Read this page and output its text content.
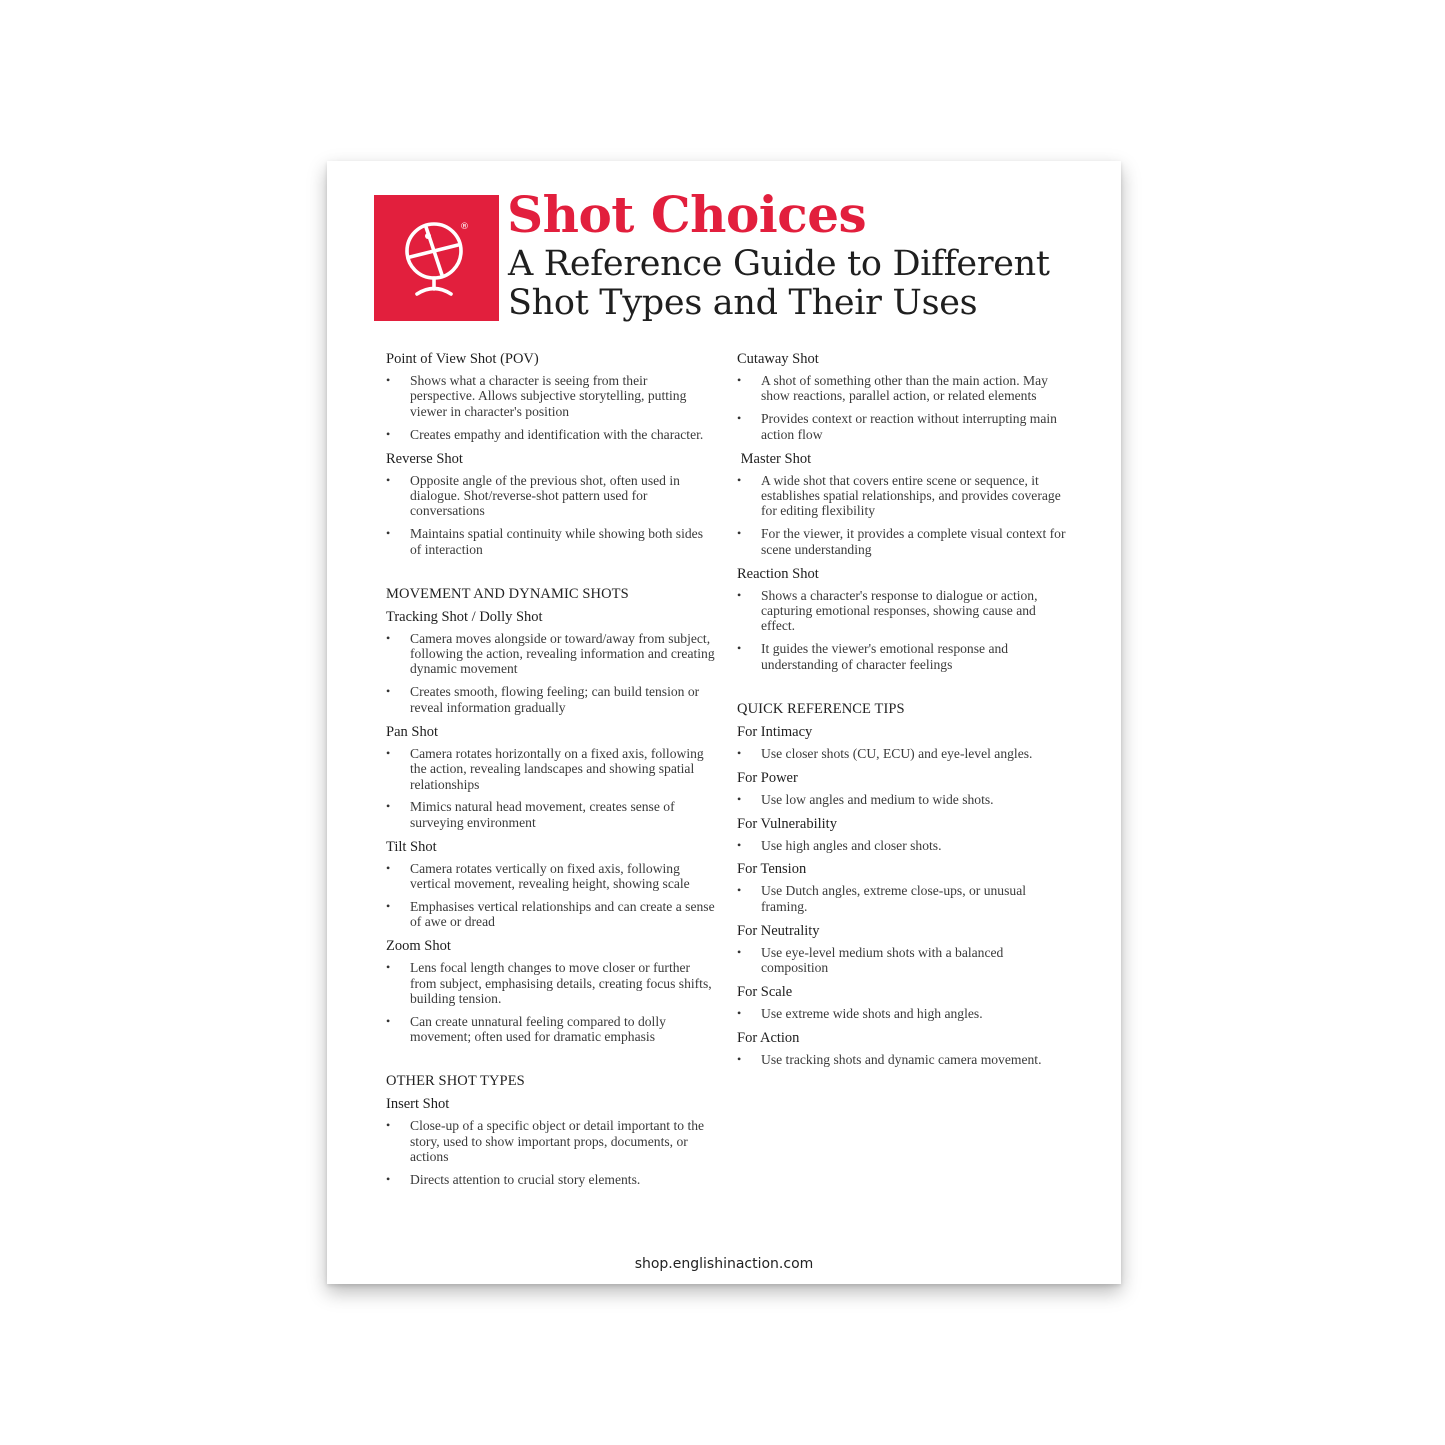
® Shot Choices
A Reference Guide to Different
Shot Types and Their Uses
Point of View Shot (POV)
• Shows what a character is seeing from their perspective. Allows subjective storytelling, putting viewer in character's position
• Creates empathy and identification with the character.
Reverse Shot
• Opposite angle of the previous shot, often used in dialogue. Shot/reverse-shot pattern used for conversations
• Maintains spatial continuity while showing both sides of interaction
MOVEMENT AND DYNAMIC SHOTS
Tracking Shot / Dolly Shot
• Camera moves alongside or toward/away from subject, following the action, revealing information and creating dynamic movement
• Creates smooth, flowing feeling; can build tension or reveal information gradually
Pan Shot
• Camera rotates horizontally on a fixed axis, following the action, revealing landscapes and showing spatial relationships
• Mimics natural head movement, creates sense of surveying environment
Tilt Shot
• Camera rotates vertically on fixed axis, following vertical movement, revealing height, showing scale
• Emphasises vertical relationships and can create a sense of awe or dread
Zoom Shot
• Lens focal length changes to move closer or further from subject, emphasising details, creating focus shifts, building tension.
• Can create unnatural feeling compared to dolly movement; often used for dramatic emphasis
OTHER SHOT TYPES
Insert Shot
• Close-up of a specific object or detail important to the story, used to show important props, documents, or actions
• Directs attention to crucial story elements.
Cutaway Shot
• A shot of something other than the main action. May show reactions, parallel action, or related elements
• Provides context or reaction without interrupting main action flow
Master Shot
• A wide shot that covers entire scene or sequence, it establishes spatial relationships, and provides coverage for editing flexibility
• For the viewer, it provides a complete visual context for scene understanding
Reaction Shot
• Shows a character's response to dialogue or action, capturing emotional responses, showing cause and effect.
• It guides the viewer's emotional response and understanding of character feelings
QUICK REFERENCE TIPS
For Intimacy
• Use closer shots (CU, ECU) and eye-level angles.
For Power
• Use low angles and medium to wide shots.
For Vulnerability
• Use high angles and closer shots.
For Tension
• Use Dutch angles, extreme close-ups, or unusual framing.
For Neutrality
• Use eye-level medium shots with a balanced composition
For Scale
• Use extreme wide shots and high angles.
For Action
• Use tracking shots and dynamic camera movement.
shop.englishinaction.com
